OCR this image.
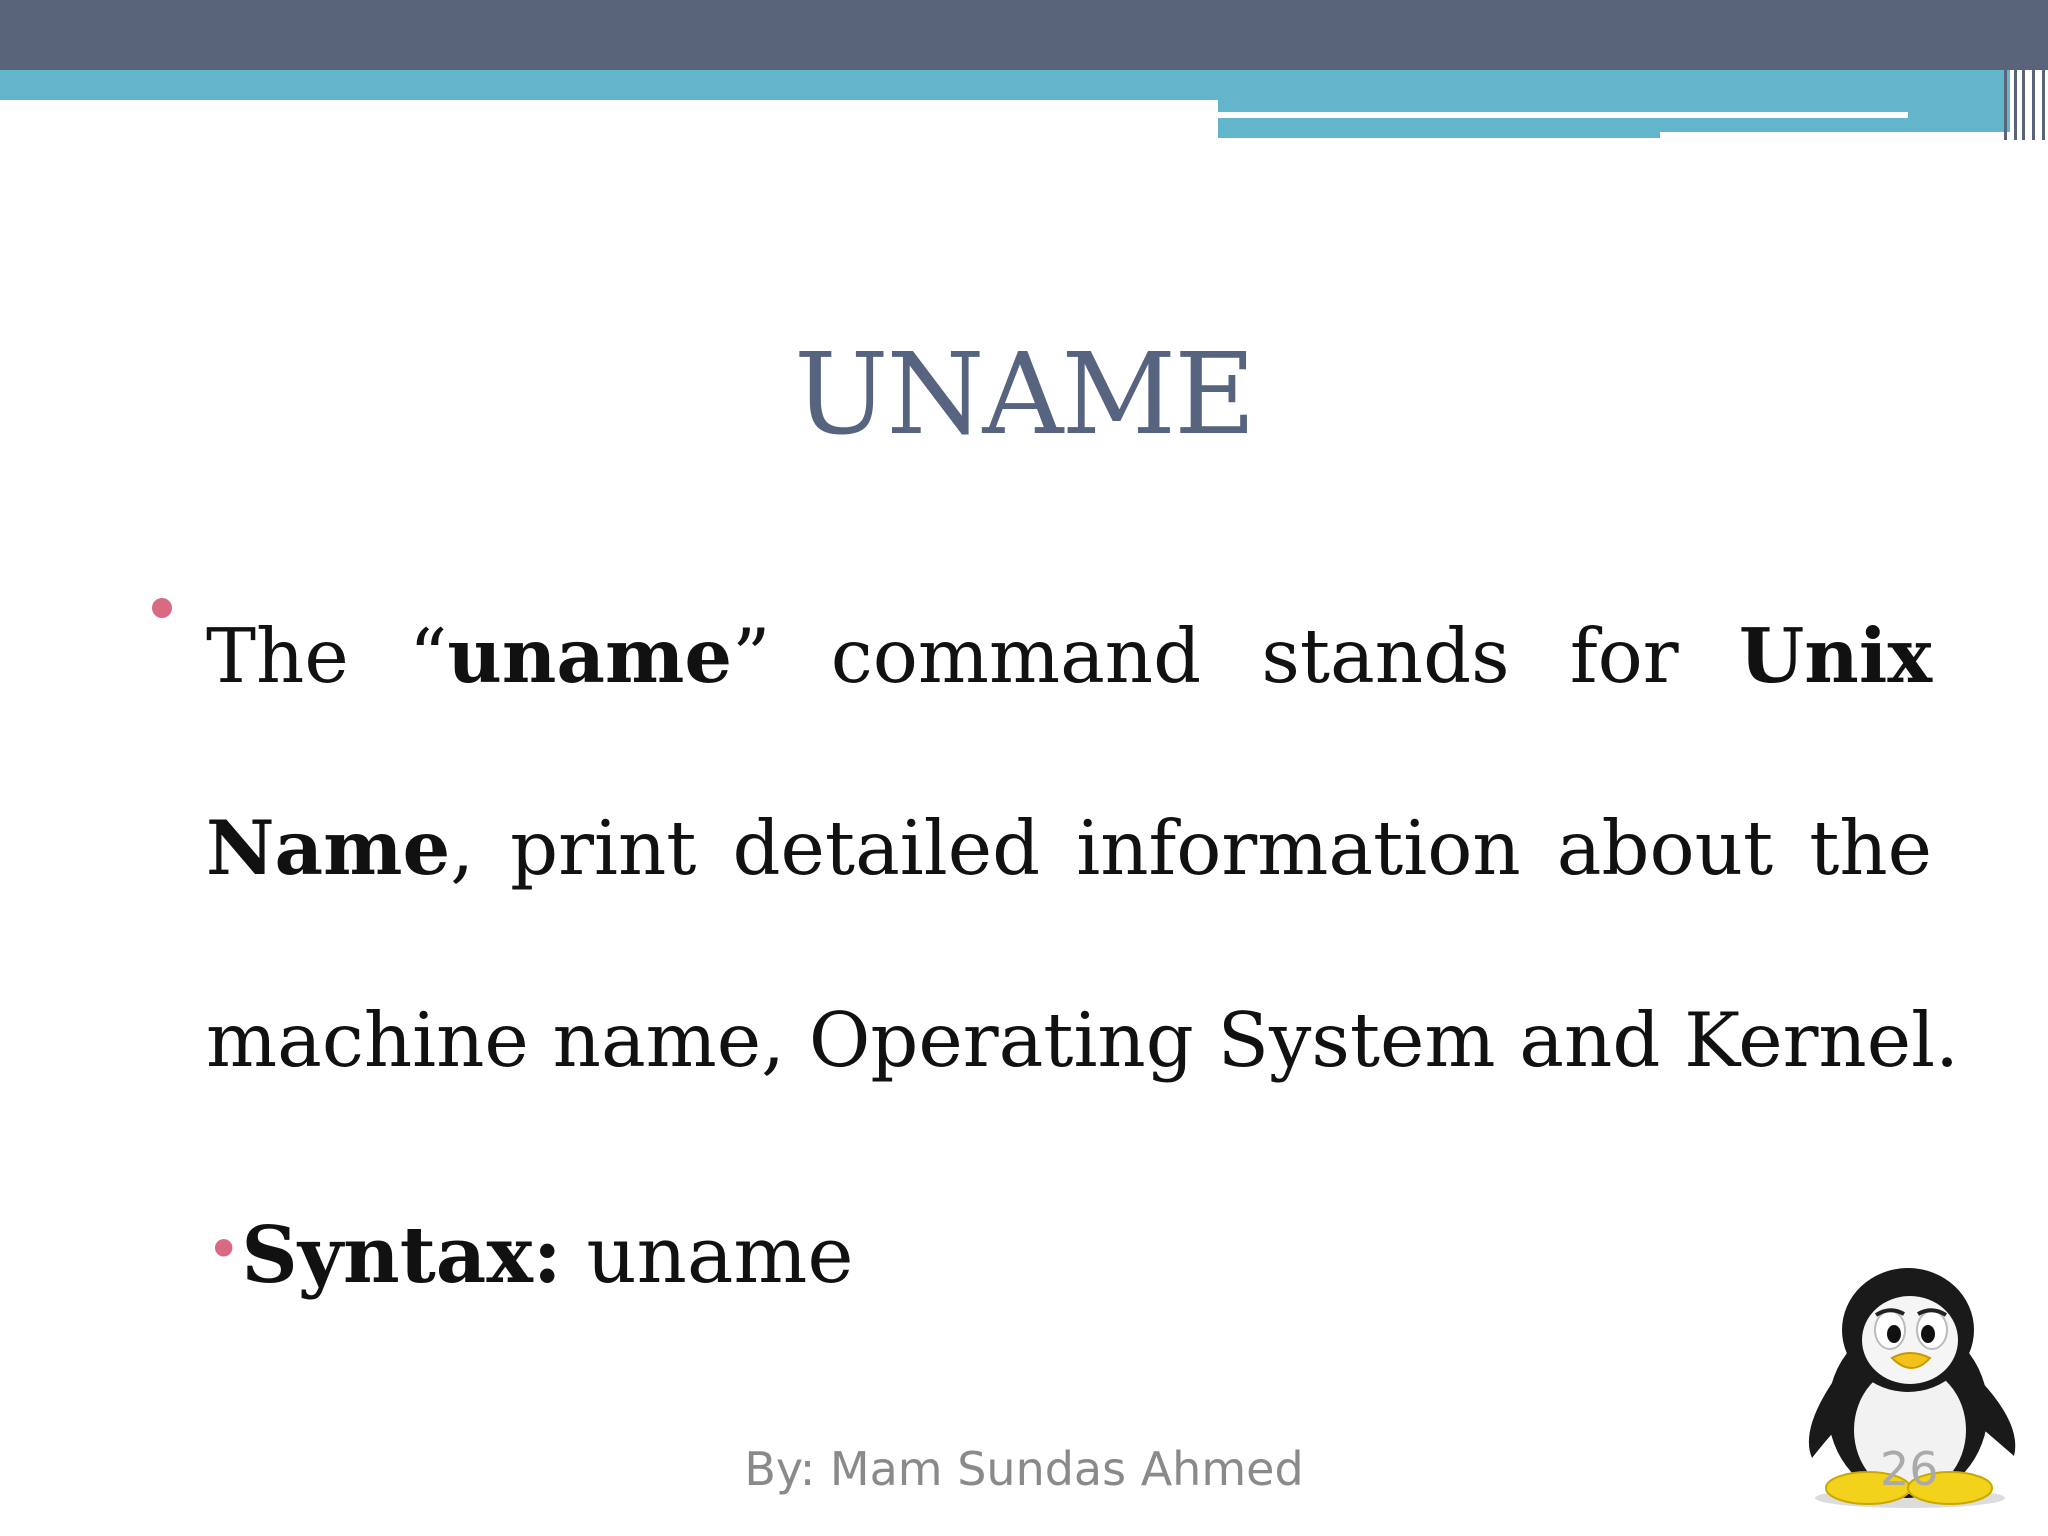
UNAME
The “uname” command stands for Unix
Name, print detailed information about the
machine name, Operating System and Kernel.
•Syntax: uname
By: Mam Sundas Ahmed	26
